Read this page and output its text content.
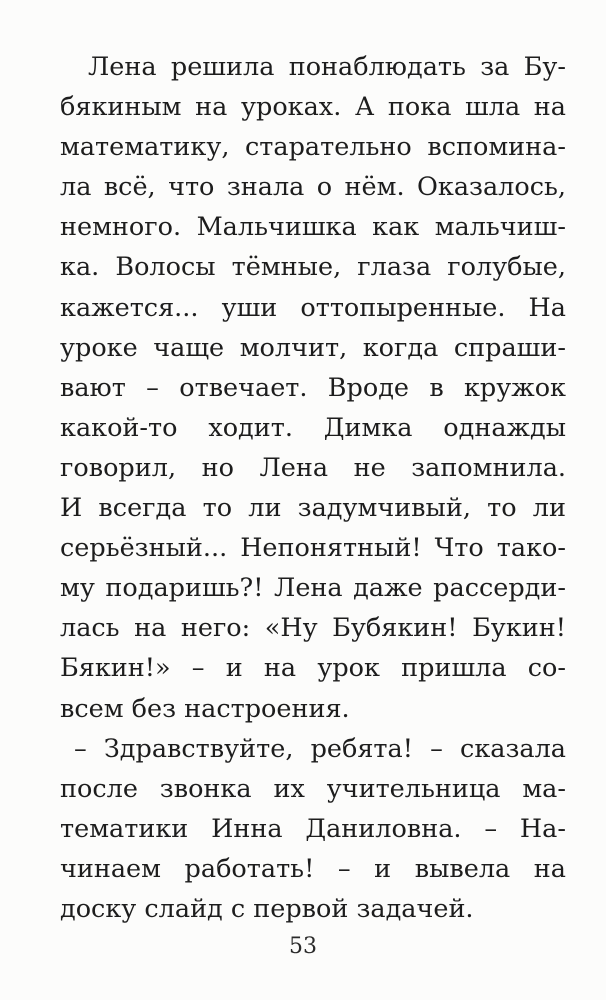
Лена решила понаблюдать за Бу-
бякиным на уроках. А пока шла на
математику, старательно вспомина-
ла всё, что знала о нём. Оказалось,
немного. Мальчишка как мальчиш-
ка. Волосы тёмные, глаза голубые,
кажется... уши оттопыренные. На
уроке чаще молчит, когда спраши-
вают – отвечает. Вроде в кружок
какой-то ходит. Димка однажды
говорил, но Лена не запомнила.
И всегда то ли задумчивый, то ли
серьёзный... Непонятный! Что тако-
му подаришь?! Лена даже рассерди-
лась на него: «Ну Бубякин! Букин!
Бякин!» – и на урок пришла со-
всем без настроения.
– Здравствуйте, ребята! – сказала
после звонка их учительница ма-
тематики Инна Даниловна. – На-
чинаем работать! – и вывела на
доску слайд с первой задачей.
53
